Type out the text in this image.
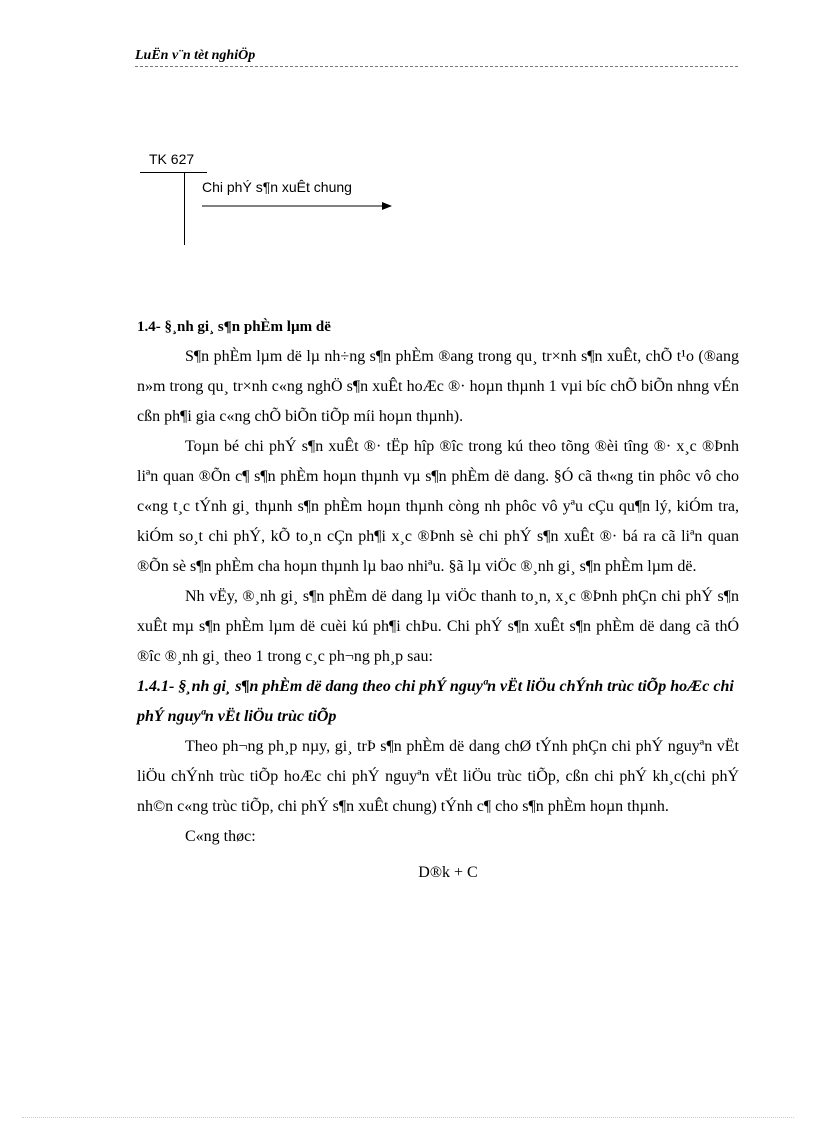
LuËn v¨n tèt nghiÖp
TK 627
Chi phÝ s¶n xuÊt chung
1.4- §¸nh gi¸ s¶n phÈm lµm dë

S¶n phÈm lµm dë lµ nh÷ng s¶n phÈm ®ang trong qu¸ tr×nh s¶n xuÊt, chÕ t¹o (®ang n»m trong qu¸ tr×nh c«ng nghÖ s¶n xuÊt hoÆc ®· hoµn thµnh 1 vµi bíc chÕ biÕn nhng vÉn cßn ph¶i gia c«ng chÕ biÕn tiÕp míi hoµn thµnh).

Toµn bé chi phÝ s¶n xuÊt ®· tËp hîp ®îc trong kú theo tõng ®èi tîng ®· x¸c ®Þnh liªn quan ®Õn c¶ s¶n phÈm hoµn thµnh vµ s¶n phÈm dë dang. §Ó cã th«ng tin phôc vô cho c«ng t¸c tÝnh gi¸ thµnh s¶n phÈm hoµn thµnh còng nh phôc vô yªu cÇu qu¶n lý, kiÓm tra, kiÓm so¸t chi phÝ, kÕ to¸n cÇn ph¶i x¸c ®Þnh sè chi phÝ s¶n xuÊt ®· bá ra cã liªn quan ®Õn sè s¶n phÈm cha hoµn thµnh lµ bao nhiªu. §ã lµ viÖc ®¸nh gi¸ s¶n phÈm lµm dë.

Nh vËy, ®¸nh gi¸ s¶n phÈm dë dang lµ viÖc thanh to¸n, x¸c ®Þnh phÇn chi phÝ s¶n xuÊt mµ s¶n phÈm lµm dë cuèi kú ph¶i chÞu. Chi phÝ s¶n xuÊt s¶n phÈm dë dang cã thÓ ®îc ®¸nh gi¸ theo 1 trong c¸c ph¬ng ph¸p sau:

1.4.1- §¸nh gi¸ s¶n phÈm dë dang theo chi phÝ nguyªn vËt liÖu chÝnh trùc tiÕp hoÆc chi phÝ nguyªn vËt liÖu trùc tiÕp

Theo ph¬ng ph¸p nµy, gi¸ trÞ s¶n phÈm dë dang chØ tÝnh phÇn chi phÝ nguyªn vËt liÖu chÝnh trùc tiÕp hoÆc chi phÝ nguyªn vËt liÖu trùc tiÕp, cßn chi phÝ kh¸c(chi phÝ nh©n c«ng trùc tiÕp, chi phÝ s¶n xuÊt chung) tÝnh c¶ cho s¶n phÈm hoµn thµnh.

C«ng thøc:

D®k + C
